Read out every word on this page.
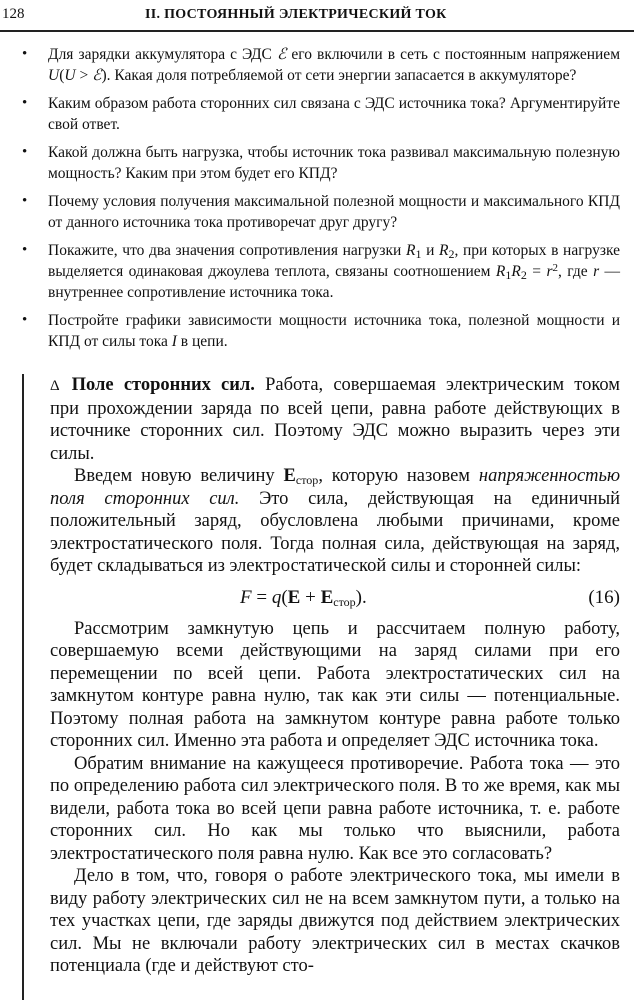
128	II. ПОСТОЯННЫЙ ЭЛЕКТРИЧЕСКИЙ ТОК
• Для зарядки аккумулятора с ЭДС ℰ его включили в сеть с постоянным напряжением U(U > ℰ). Какая доля потребляемой от сети энергии запасается в аккумуляторе?
• Каким образом работа сторонних сил связана с ЭДС источника тока? Аргументируйте свой ответ.
• Какой должна быть нагрузка, чтобы источник тока развивал максимальную полезную мощность? Каким при этом будет его КПД?
• Почему условия получения максимальной полезной мощности и максимального КПД от данного источника тока противоречат друг другу?
• Покажите, что два значения сопротивления нагрузки $R_1$ и $R_2$, при которых в нагрузке выделяется одинаковая джоулева теплота, связаны соотношением $R_1R_2 = r^2$, где r — внутреннее сопротивление источника тока.
• Постройте графики зависимости мощности источника тока, полезной мощности и КПД от силы тока I в цепи.

Δ Поле сторонних сил. Работа, совершаемая электрическим током при прохождении заряда по всей цепи, равна работе действующих в источнике сторонних сил. Поэтому ЭДС можно выразить через эти силы.

Введем новую величину $E_{стор}$, которую назовем напряженностью поля сторонних сил. Это сила, действующая на единичный положительный заряд, обусловлена любыми причинами, кроме электростатического поля. Тогда полная сила, действующая на заряд, будет складываться из электростатической силы и сторонней силы:

$F = q(E + E_{стор})$.	(16)

Рассмотрим замкнутую цепь и рассчитаем полную работу, совершаемую всеми действующими на заряд силами при его перемещении по всей цепи. Работа электростатических сил на замкнутом контуре равна нулю, так как эти силы — потенциальные. Поэтому полная работа на замкнутом контуре равна работе только сторонних сил. Именно эта работа и определяет ЭДС источника тока.

Обратим внимание на кажущееся противоречие. Работа тока — это по определению работа сил электрического поля. В то же время, как мы видели, работа тока во всей цепи равна работе источника, т. е. работе сторонних сил. Но как мы только что выяснили, работа электростатического поля равна нулю. Как все это согласовать?

Дело в том, что, говоря о работе электрического тока, мы имели в виду работу электрических сил не на всем замкнутом пути, а только на тех участках цепи, где заряды движутся под действием электрических сил. Мы не включали работу электрических сил в местах скачков потенциала (где и действуют сто-
